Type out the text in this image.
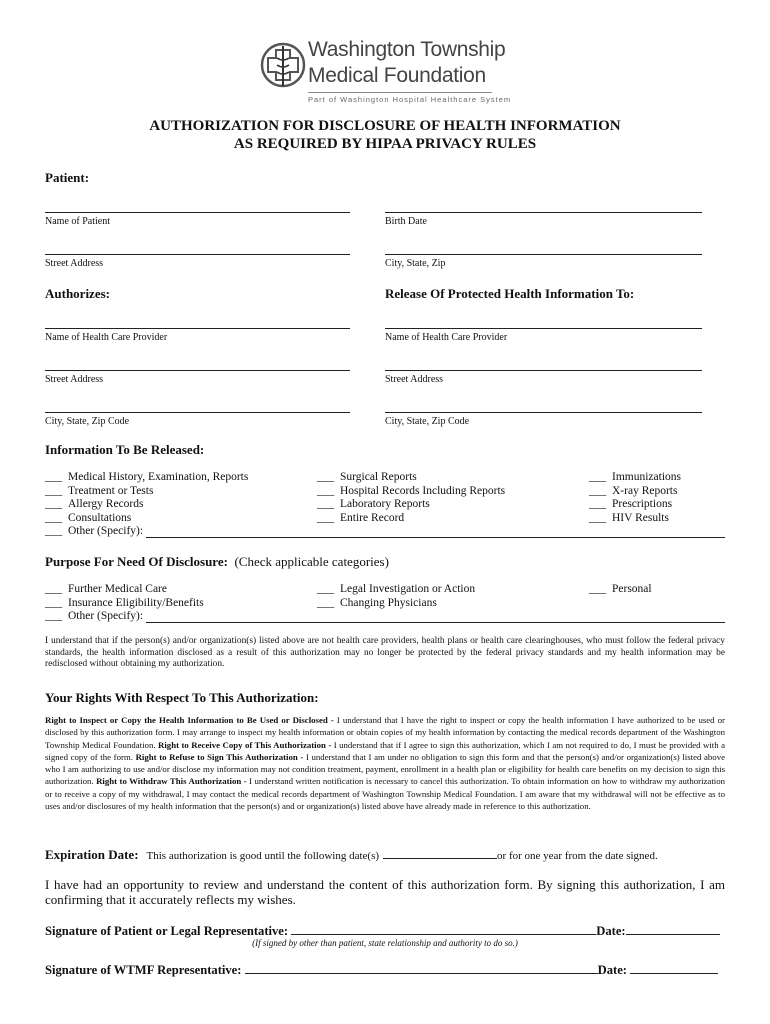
Washington Township
Medical Foundation
Part of Washington Hospital Healthcare System
AUTHORIZATION FOR DISCLOSURE OF HEALTH INFORMATION
AS REQUIRED BY HIPAA PRIVACY RULES
Patient:
Name of Patient	Birth Date
Street Address	City, State, Zip
Authorizes:	Release Of Protected Health Information To:
Name of Health Care Provider	Name of Health Care Provider
Street Address	Street Address
City, State, Zip Code	City, State, Zip Code
Information To Be Released:
___ Medical History, Examination, Reports
___ Treatment or Tests
___ Allergy Records
___ Consultations
___ Surgical Reports
___ Hospital Records Including Reports
___ Laboratory Reports
___ Entire Record
___ Immunizations
___ X-ray Reports
___ Prescriptions
___ HIV Results
___ Other (Specify):
Purpose For Need Of Disclosure: (Check applicable categories)
___ Further Medical Care
___ Insurance Eligibility/Benefits
___ Other (Specify):
___ Legal Investigation or Action
___ Changing Physicians
___ Personal
I understand that if the person(s) and/or organization(s) listed above are not health care providers, health plans or health care clearinghouses, who must follow the federal privacy standards, the health information disclosed as a result of this authorization may no longer be protected by the federal privacy standards and my health information may be redisclosed without obtaining my authorization.
Your Rights With Respect To This Authorization:
Right to Inspect or Copy the Health Information to Be Used or Disclosed - I understand that I have the right to inspect or copy the health information I have authorized to be used or disclosed by this authorization form. I may arrange to inspect my health information or obtain copies of my health information by contacting the medical records department of the Washington Township Medical Foundation. Right to Receive Copy of This Authorization - I understand that if I agree to sign this authorization, which I am not required to do, I must be provided with a signed copy of the form. Right to Refuse to Sign This Authorization - I understand that I am under no obligation to sign this form and that the person(s) and/or organization(s) listed above who I am authorizing to use and/or disclose my information may not condition treatment, payment, enrollment in a health plan or eligibility for health care benefits on my decision to sign this authorization. Right to Withdraw This Authorization - I understand written notification is necessary to cancel this authorization. To obtain information on how to withdraw my authorization or to receive a copy of my withdrawal, I may contact the medical records department of Washington Township Medical Foundation. I am aware that my withdrawal will not be effective as to uses and/or disclosures of my health information that the person(s) and or organization(s) listed above have already made in reference to this authorization.
Expiration Date: This authorization is good until the following date(s)	or for one year from the date signed.
I have had an opportunity to review and understand the content of this authorization form. By signing this authorization, I am confirming that it accurately reflects my wishes.
Signature of Patient or Legal Representative:	Date:
(If signed by other than patient, state relationship and authority to do so.)
Signature of WTMF Representative:	Date:
